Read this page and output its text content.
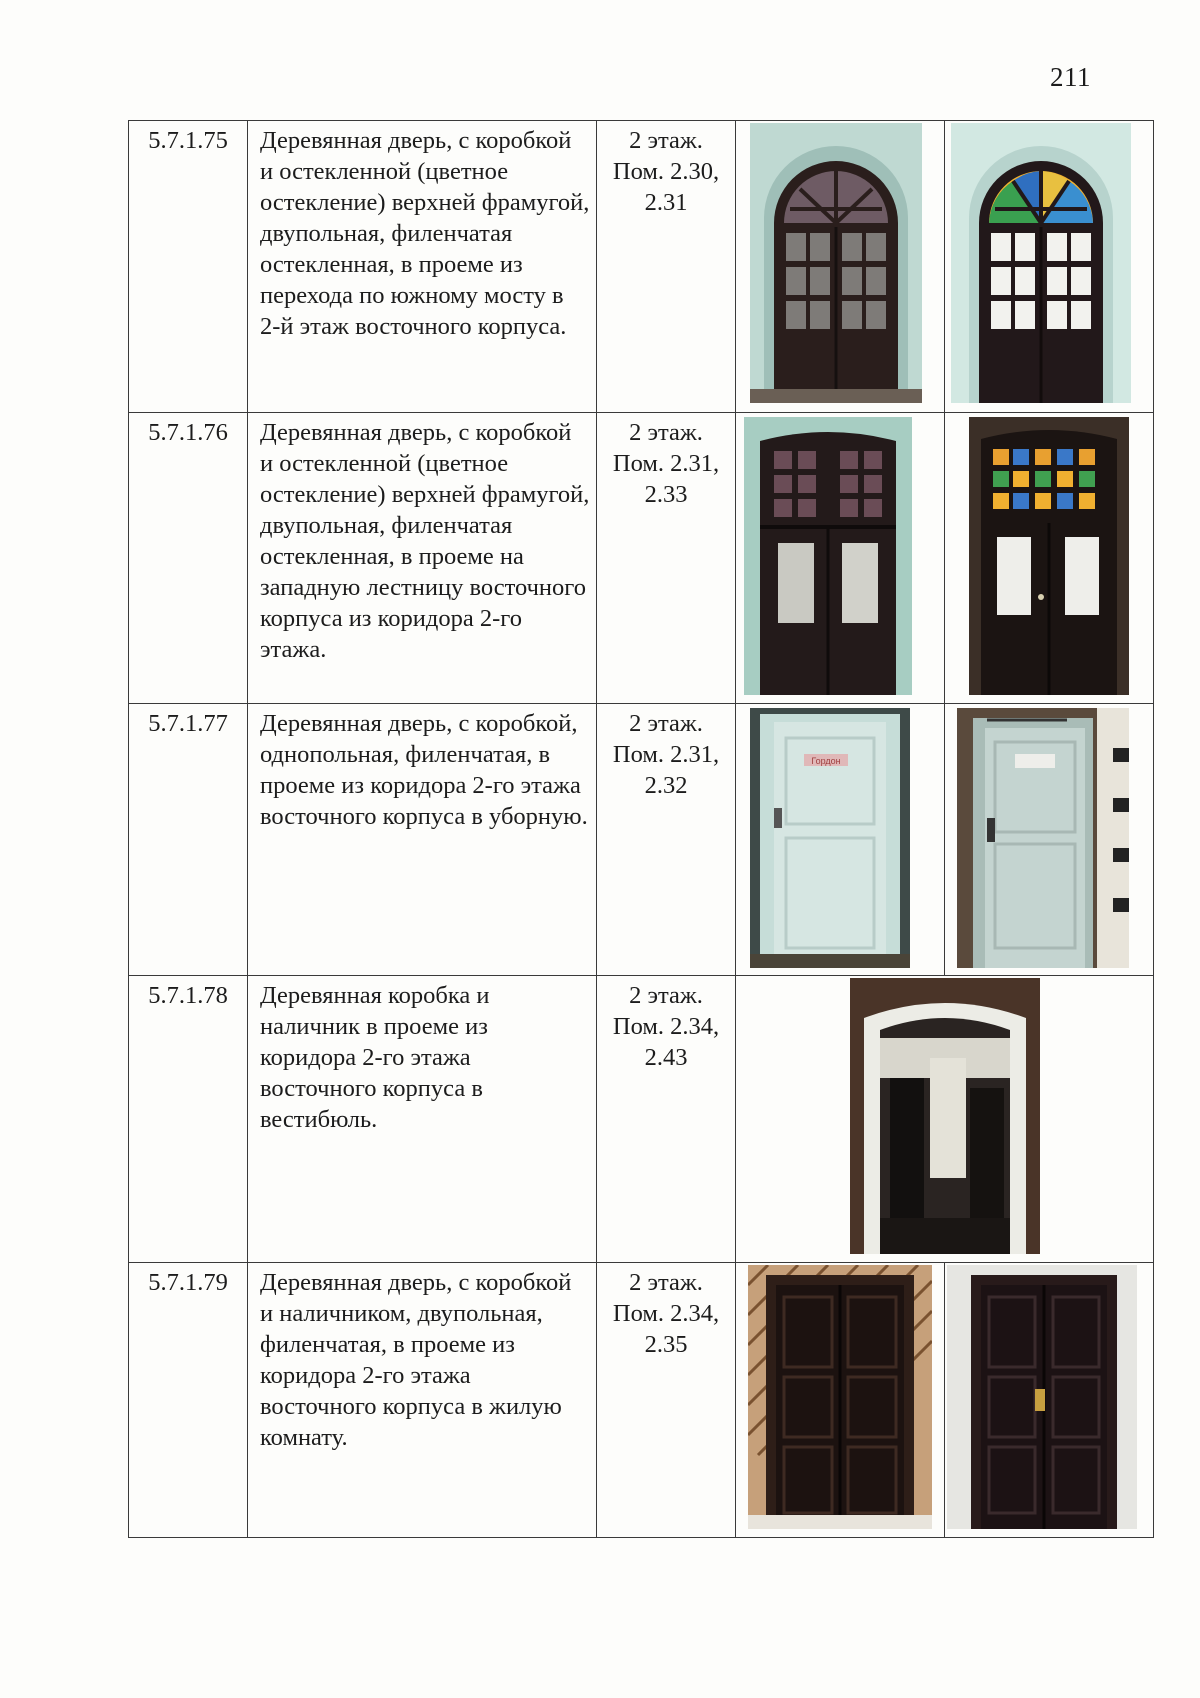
211
5.7.1.75	Деревянная дверь, с коробкой и остекленной (цветное остекление) верхней фрамугой, двупольная, филенчатая остекленная, в проеме из перехода по южному мосту в 2-й этаж восточного корпуса.	2 этаж.
Пом. 2.30,
2.31

5.7.1.76	Деревянная дверь, с коробкой и остекленной (цветное остекление) верхней фрамугой, двупольная, филенчатая остекленная, в проеме на западную лестницу восточного корпуса из коридора 2-го этажа.	2 этаж.
Пом. 2.31,
2.33

5.7.1.77	Деревянная дверь, с коробкой, однопольная, филенчатая, в проеме из коридора 2-го этажа восточного корпуса в уборную.	2 этаж.
Пом. 2.31,
2.32	Гордон

5.7.1.78	Деревянная коробка и наличник в проеме из коридора 2-го этажа восточного корпуса в вестибюль.	2 этаж.
Пом. 2.34,
2.43

5.7.1.79	Деревянная дверь, с коробкой и наличником, двупольная, филенчатая, в проеме из коридора 2-го этажа восточного корпуса в жилую комнату.	2 этаж.
Пом. 2.34,
2.35
